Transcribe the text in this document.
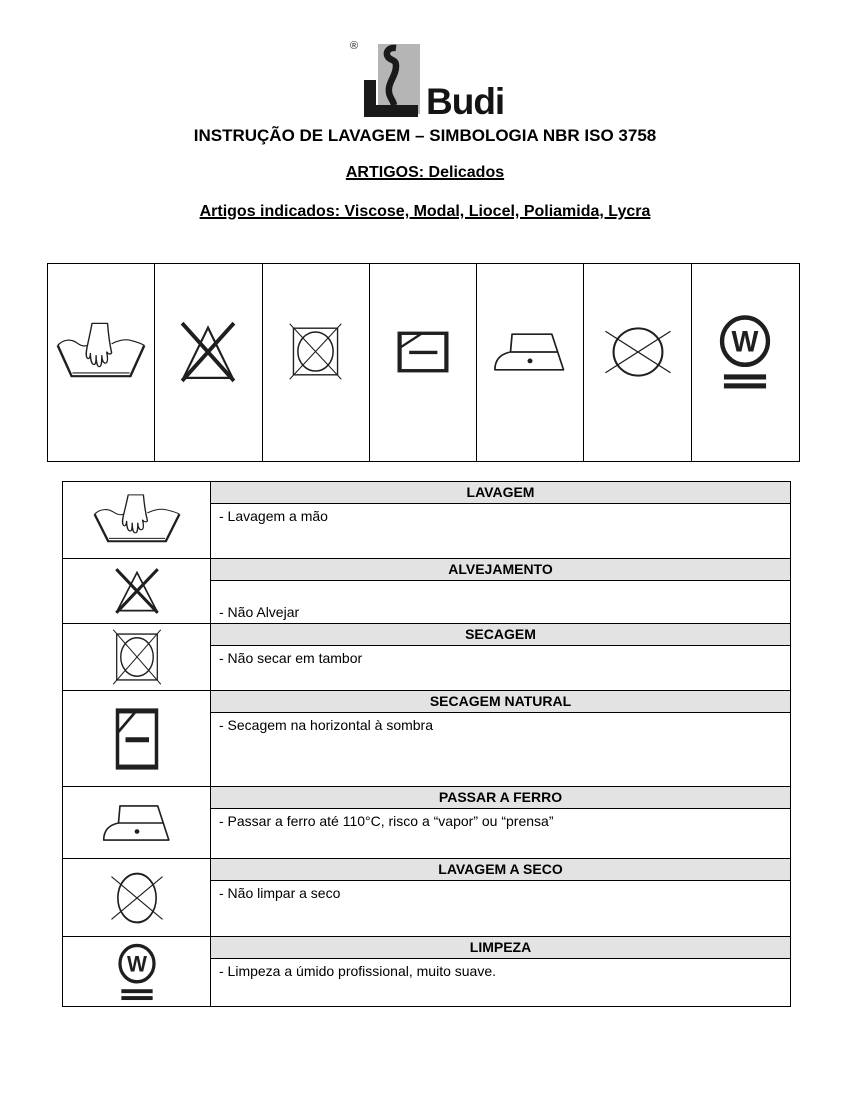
®
Budi
INSTRUÇÃO DE LAVAGEM – SIMBOLOGIA NBR ISO 3758
ARTIGOS: Delicados
Artigos indicados: Viscose, Modal, Liocel, Poliamida, Lycra
LAVAGEM
- Lavagem a mão
ALVEJAMENTO
- Não Alvejar
SECAGEM
- Não secar em tambor
SECAGEM NATURAL
- Secagem na horizontal à sombra
PASSAR A FERRO
- Passar a ferro até 110°C, risco a “vapor” ou “prensa”
LAVAGEM A SECO
- Não limpar a seco
LIMPEZA
- Limpeza a úmido profissional, muito suave.
